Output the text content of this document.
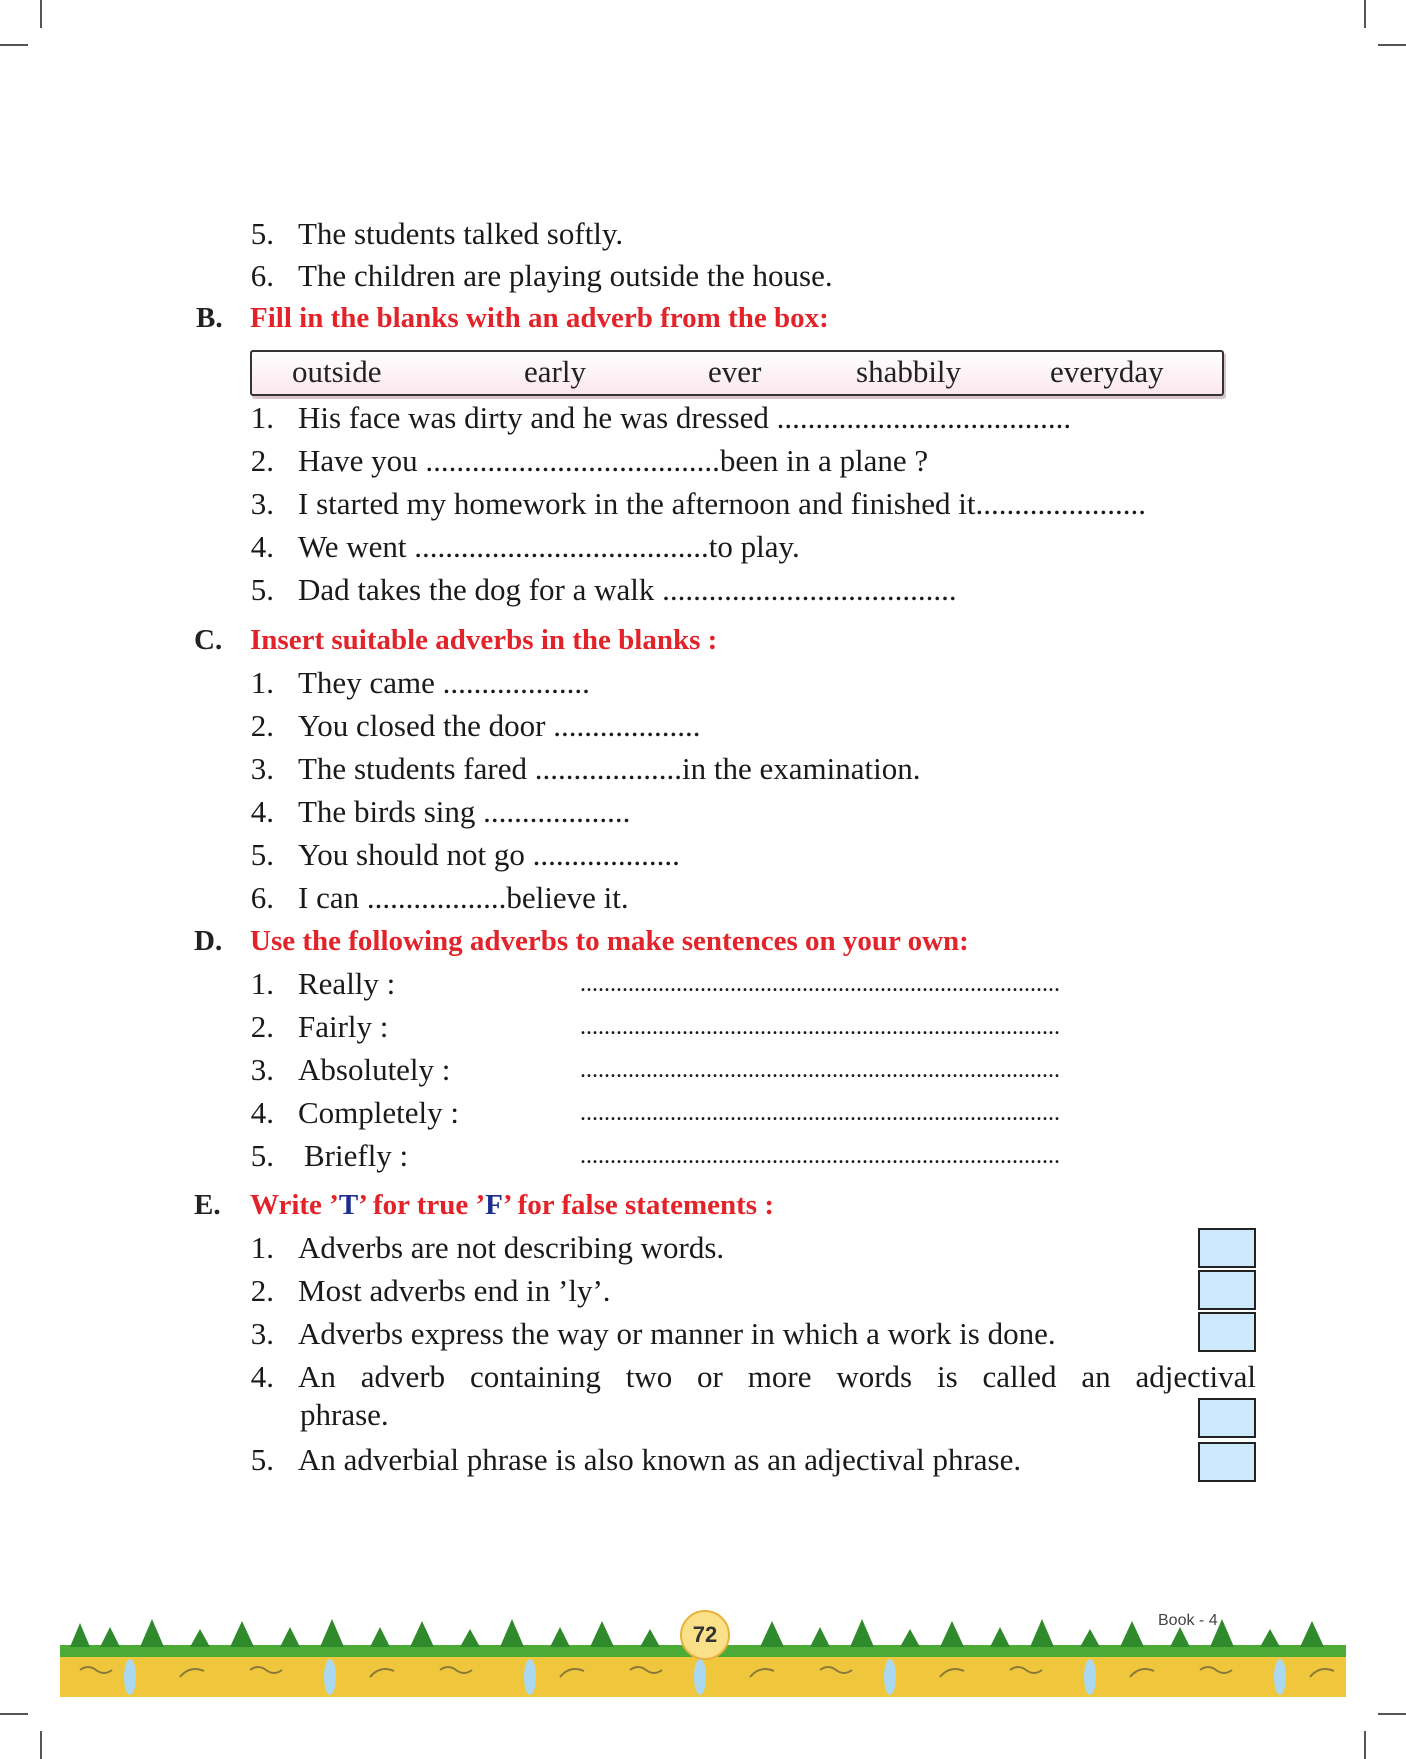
5. The students talked softly.
6. The children are playing outside the house.
B. Fill in the blanks with an adverb from the box:
outside	early	ever	shabbily	everyday
1. His face was dirty and he was dressed ......................................
2. Have you ......................................been in a plane ?
3. I started my homework in the afternoon and finished it......................
4. We went ......................................to play.
5. Dad takes the dog for a walk ......................................
C. Insert suitable adverbs in the blanks :
1. They came ...................
2. You closed the door ...................
3. The students fared ...................in the examination.
4. The birds sing ...................
5. You should not go ...................
6. I can ..................believe it.
D. Use the following adverbs to make sentences on your own:
1. Really :	................................................................................
2. Fairly :	................................................................................
3. Absolutely :	................................................................................
4. Completely :	................................................................................
5. Briefly :	................................................................................
E. Write ’T’ for true ’F’ for false statements :
1. Adverbs are not describing words.
2. Most adverbs end in ’ly’.
3. Adverbs express the way or manner in which a work is done.
4. An adverb containing two or more words is called an adjectival
phrase.
5. An adverbial phrase is also known as an adjectival phrase.
72
Book - 4
